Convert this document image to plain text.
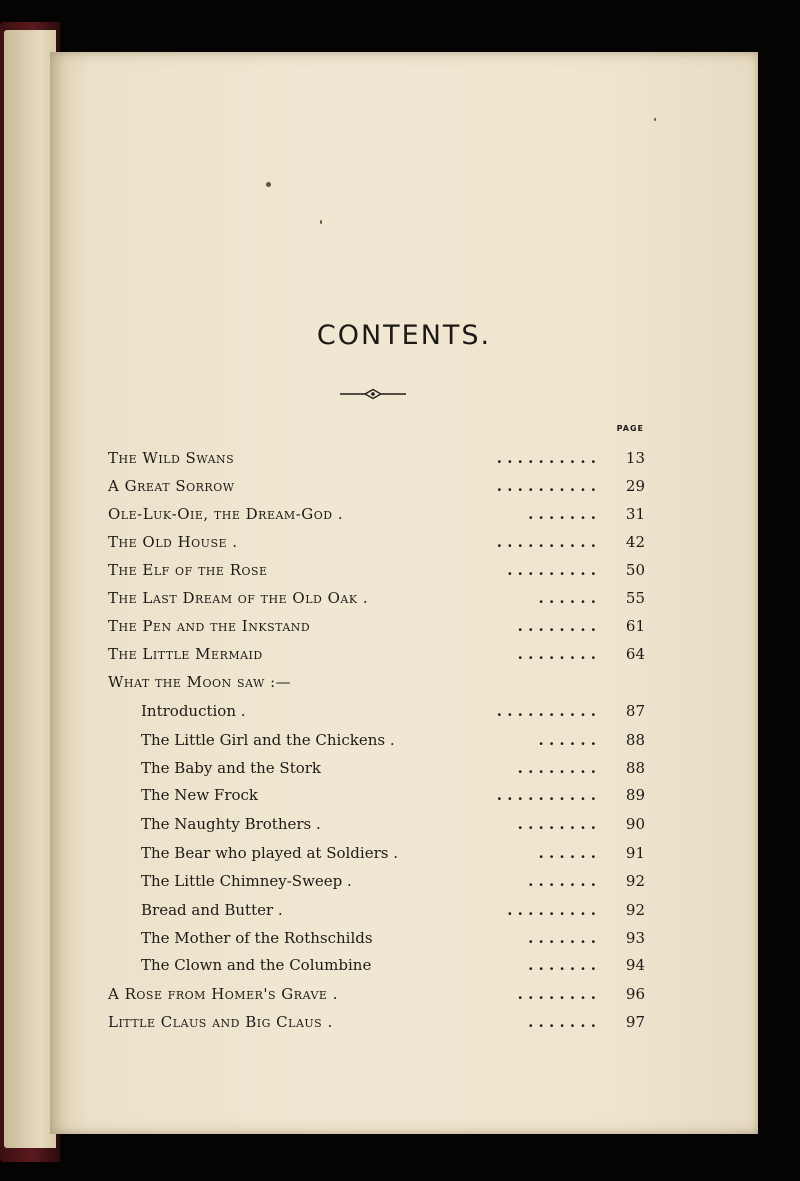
CONTENTS.
PAGE
The Wild Swans	. . . . . . . . . .	13
A Great Sorrow	. . . . . . . . . .	29
Ole-Luk-Oie, the Dream-God .	. . . . . . .	31
The Old House .	. . . . . . . . . .	42
The Elf of the Rose	. . . . . . . . .	50
The Last Dream of the Old Oak .	. . . . . .	55
The Pen and the Inkstand	. . . . . . . .	61
The Little Mermaid	. . . . . . . .	64
What the Moon saw :—
Introduction .	. . . . . . . . . .	87
The Little Girl and the Chickens .	. . . . . .	88
The Baby and the Stork	. . . . . . . .	88
The New Frock	. . . . . . . . . .	89
The Naughty Brothers .	. . . . . . . .	90
The Bear who played at Soldiers .	. . . . . .	91
The Little Chimney-Sweep .	. . . . . . .	92
Bread and Butter .	. . . . . . . . .	92
The Mother of the Rothschilds	. . . . . . .	93
The Clown and the Columbine	. . . . . . .	94
A Rose from Homer's Grave .	. . . . . . . .	96
Little Claus and Big Claus .	. . . . . . .	97
